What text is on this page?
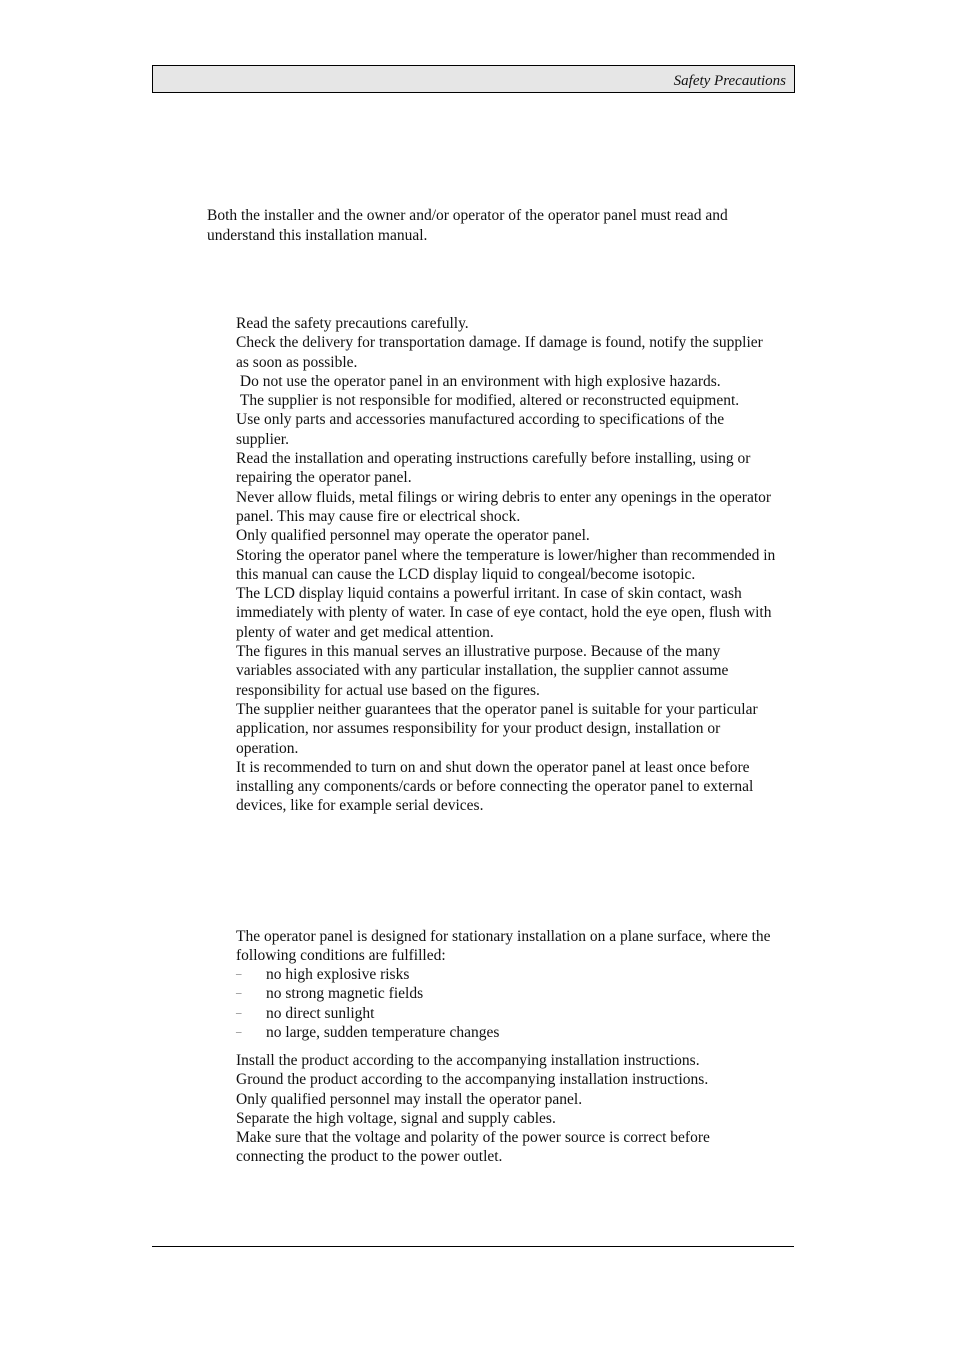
Safety Precautions

Both the installer and the owner and/or operator of the operator panel must read and understand this installation manual.

Read the safety precautions carefully.
Check the delivery for transportation damage. If damage is found, notify the supplier as soon as possible.
Do not use the operator panel in an environment with high explosive hazards.
The supplier is not responsible for modified, altered or reconstructed equipment.
Use only parts and accessories manufactured according to specifications of the supplier.
Read the installation and operating instructions carefully before installing, using or repairing the operator panel.
Never allow fluids, metal filings or wiring debris to enter any openings in the operator panel. This may cause fire or electrical shock.
Only qualified personnel may operate the operator panel.
Storing the operator panel where the temperature is lower/higher than recommended in this manual can cause the LCD display liquid to congeal/become isotopic.
The LCD display liquid contains a powerful irritant. In case of skin contact, wash immediately with plenty of water. In case of eye contact, hold the eye open, flush with plenty of water and get medical attention.
The figures in this manual serves an illustrative purpose. Because of the many variables associated with any particular installation, the supplier cannot assume responsibility for actual use based on the figures.
The supplier neither guarantees that the operator panel is suitable for your particular application, nor assumes responsibility for your product design, installation or operation.
It is recommended to turn on and shut down the operator panel at least once before installing any components/cards or before connecting the operator panel to external devices, like for example serial devices.

The operator panel is designed for stationary installation on a plane surface, where the following conditions are fulfilled:

– no high explosive risks
– no strong magnetic fields
– no direct sunlight
– no large, sudden temperature changes
Install the product according to the accompanying installation instructions.
Ground the product according to the accompanying installation instructions.
Only qualified personnel may install the operator panel.
Separate the high voltage, signal and supply cables.
Make sure that the voltage and polarity of the power source is correct before connecting the product to the power outlet.
